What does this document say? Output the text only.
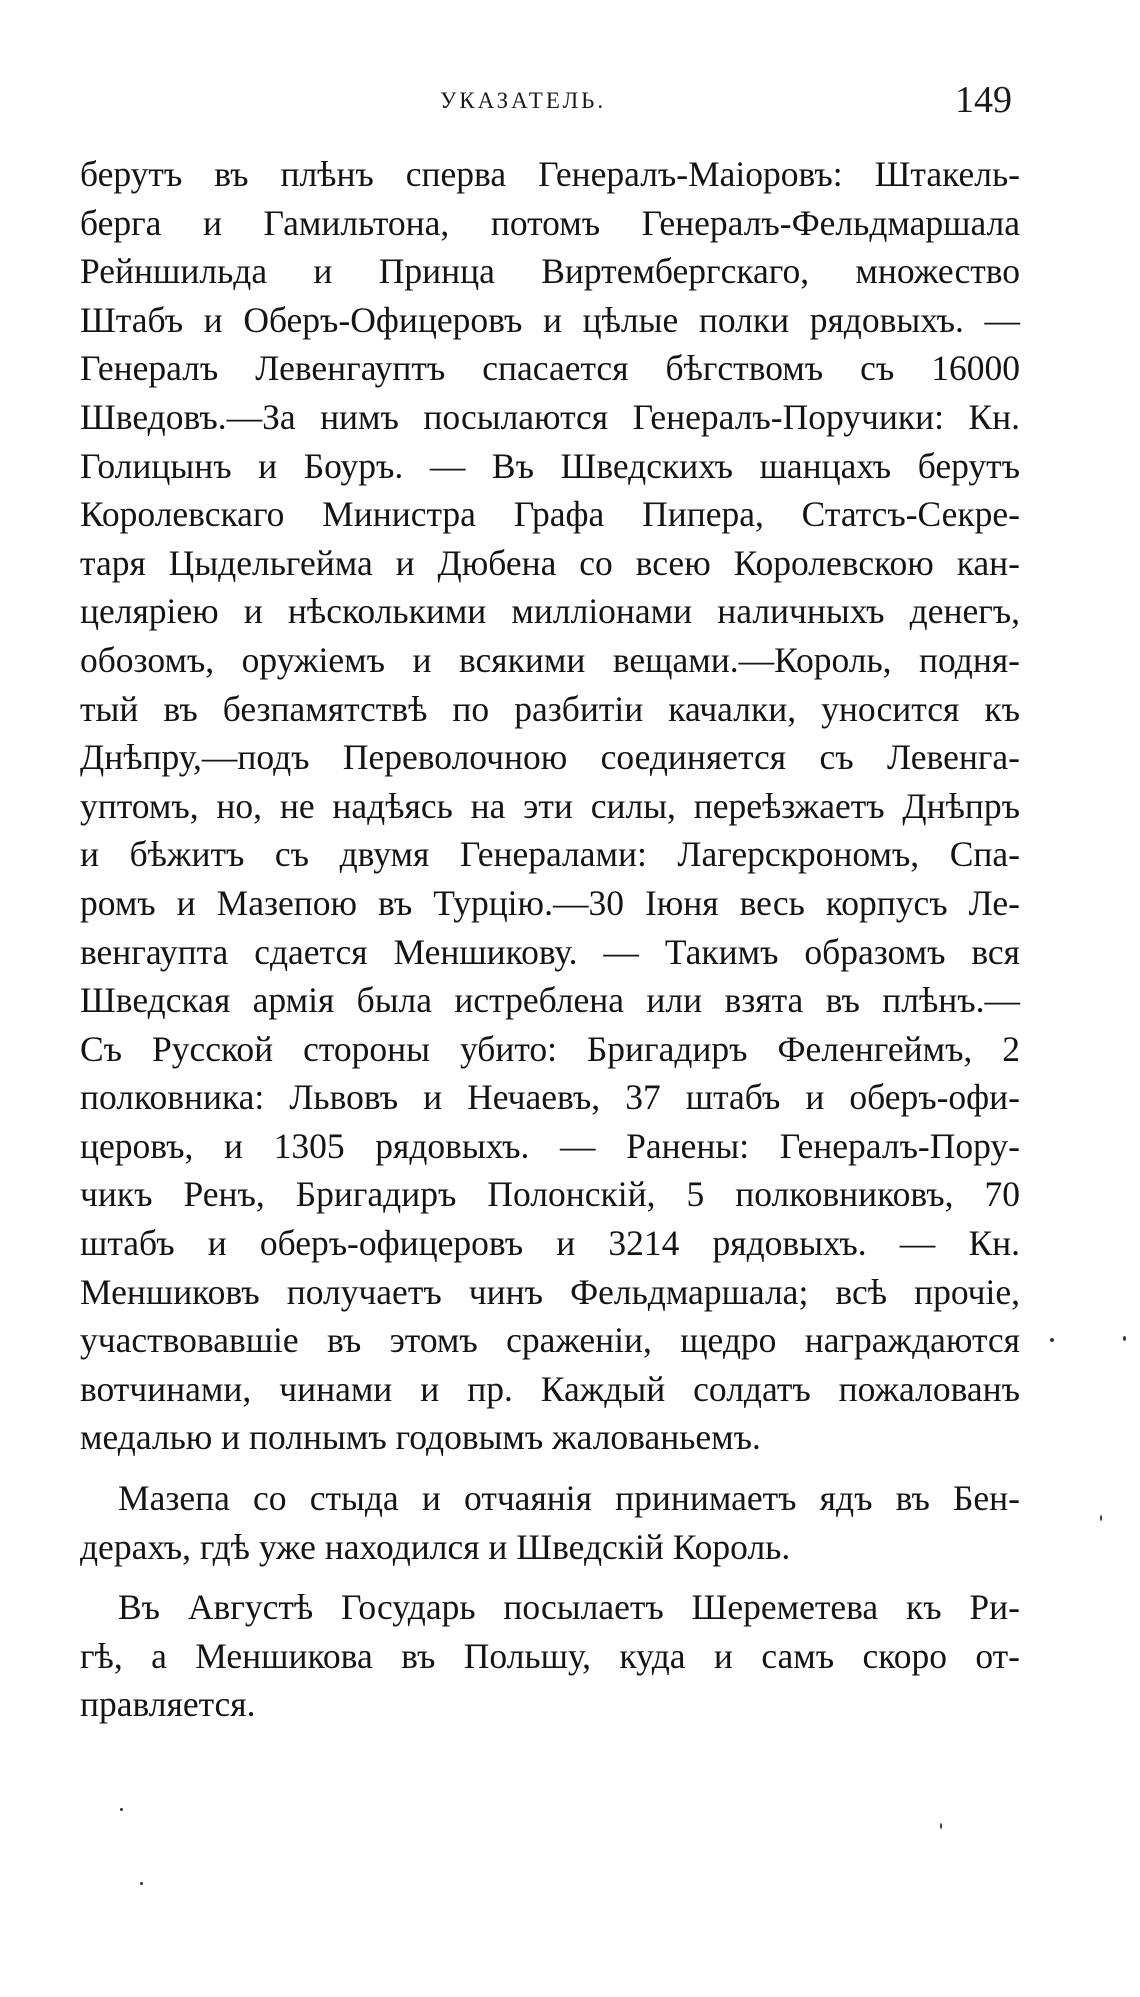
УКАЗАТЕЛЬ.	149
берутъ въ плѣнъ сперва Генералъ-Маіоровъ: Штакель-
берга и Гамильтона, потомъ Генералъ-Фельдмаршала
Рейншильда и Принца Виртембергскаго, множество
Штабъ и Оберъ-Офицеровъ и цѣлые полки рядовыхъ. —
Генералъ Левенгауптъ спасается бѣгствомъ съ 16000
Шведовъ.—За нимъ посылаются Генералъ-Поручики: Кн.
Голицынъ и Боуръ. — Въ Шведскихъ шанцахъ берутъ
Королевскаго Министра Графа Пипера, Статсъ-Секре-
таря Цыдельгейма и Дюбена со всею Королевскою кан-
целяріею и нѣсколькими милліонами наличныхъ денегъ,
обозомъ, оружіемъ и всякими вещами.—Король, подня-
тый въ безпамятствѣ по разбитіи качалки, уносится къ
Днѣпру,—подъ Переволочною соединяется съ Левенга-
уптомъ, но, не надѣясь на эти силы, переѣзжаетъ Днѣпръ
и бѣжитъ съ двумя Генералами: Лагерскрономъ, Спа-
ромъ и Мазепою въ Турцію.—30 Іюня весь корпусъ Ле-
венгаупта сдается Меншикову. — Такимъ образомъ вся
Шведская армія была истреблена или взята въ плѣнъ.—
Съ Русской стороны убито: Бригадиръ Феленгеймъ, 2
полковника: Львовъ и Нечаевъ, 37 штабъ и оберъ-офи-
церовъ, и 1305 рядовыхъ. — Ранены: Генералъ-Пору-
чикъ Ренъ, Бригадиръ Полонскій, 5 полковниковъ, 70
штабъ и оберъ-офицеровъ и 3214 рядовыхъ. — Кн.
Меншиковъ получаетъ чинъ Фельдмаршала; всѣ прочіе,
участвовавшіе въ этомъ сраженіи, щедро награждаются
вотчинами, чинами и пр. Каждый солдатъ пожалованъ
медалью и полнымъ годовымъ жалованьемъ.
Мазепа со стыда и отчаянія принимаетъ ядъ въ Бен-
дерахъ, гдѣ уже находился и Шведскій Король.
Въ Августѣ Государь посылаетъ Шереметева къ Ри-
гѣ, а Меншикова въ Польшу, куда и самъ скоро от-
правляется.
